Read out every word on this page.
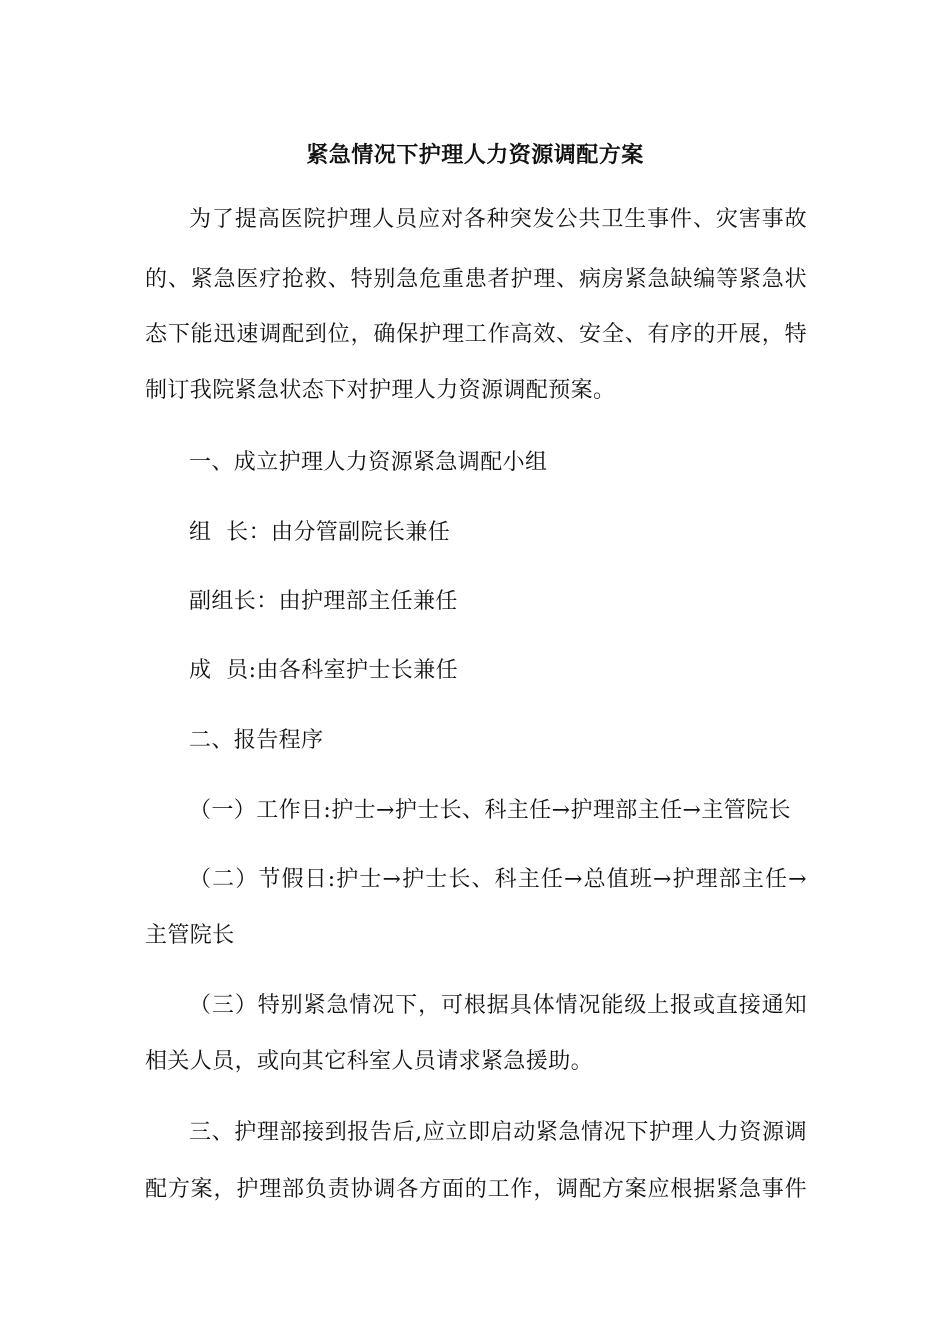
紧急情况下护理人力资源调配方案
为了提高医院护理人员应对各种突发公共卫生事件、灾害事故
的、紧急医疗抢救、特别急危重患者护理、病房紧急缺编等紧急状
态下能迅速调配到位，确保护理工作高效、安全、有序的开展，特
制订我院紧急状态下对护理人力资源调配预案。
一、成立护理人力资源紧急调配小组
组  长：由分管副院长兼任
副组长：由护理部主任兼任
成  员:由各科室护士长兼任
二、报告程序
（一）工作日:护士→护士长、科主任→护理部主任→主管院长
（二）节假日:护士→护士长、科主任→总值班→护理部主任→
主管院长
（三）特别紧急情况下，可根据具体情况能级上报或直接通知
相关人员，或向其它科室人员请求紧急援助。
三、护理部接到报告后,应立即启动紧急情况下护理人力资源调
配方案，护理部负责协调各方面的工作，调配方案应根据紧急事件
